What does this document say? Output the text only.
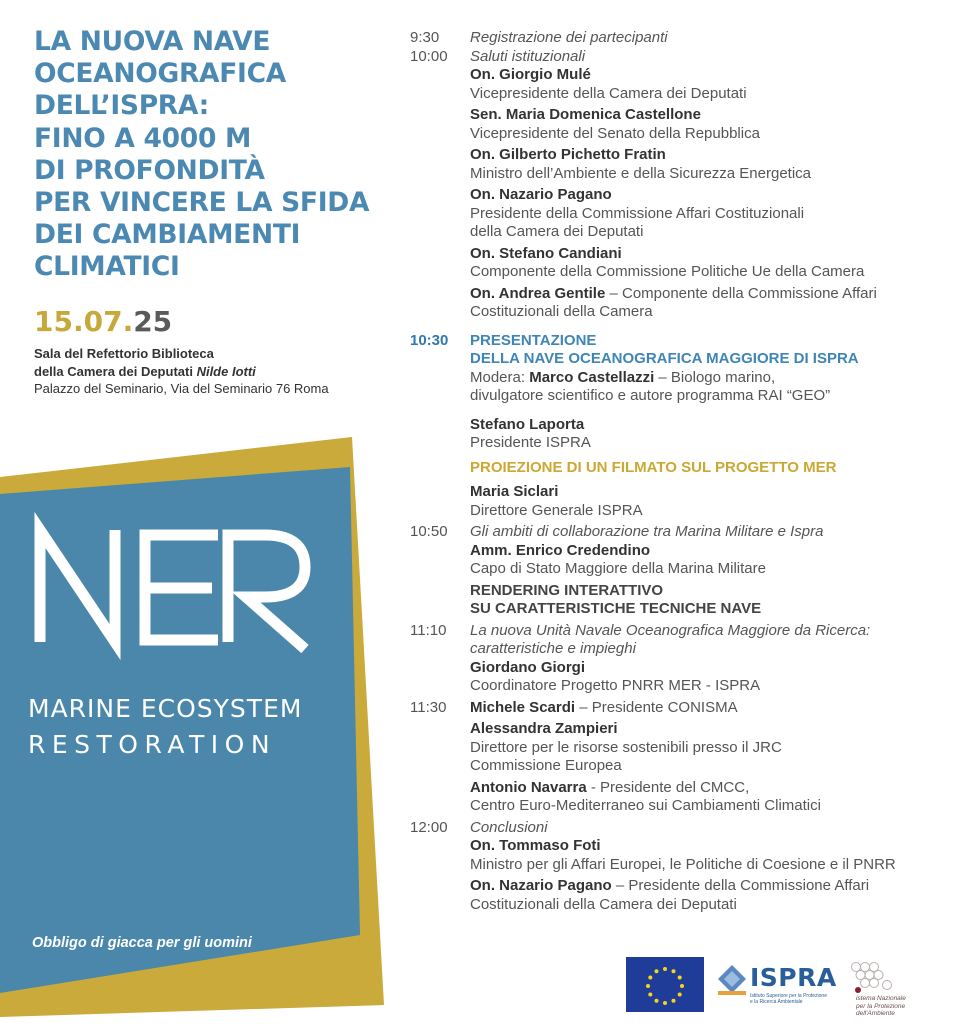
LA NUOVA NAVE
OCEANOGRAFICA
DELL’ISPRA:
FINO A 4000 M
DI PROFONDITÀ
PER VINCERE LA SFIDA
DEI CAMBIAMENTI
CLIMATICI
15.07.25
Sala del Refettorio Biblioteca
della Camera dei Deputati Nilde Iotti
Palazzo del Seminario, Via del Seminario 76 Roma
MARINE ECOSYSTEM
RESTORATION
Obbligo di giacca per gli uomini
9:30	Registrazione dei partecipanti
10:00	Saluti istituzionali
On. Giorgio Mulé
Vicepresidente della Camera dei Deputati
Sen. Maria Domenica Castellone
Vicepresidente del Senato della Repubblica
On. Gilberto Pichetto Fratin
Ministro dell’Ambiente e della Sicurezza Energetica
On. Nazario Pagano
Presidente della Commissione Affari Costituzionali
della Camera dei Deputati
On. Stefano Candiani
Componente della Commissione Politiche Ue della Camera
On. Andrea Gentile – Componente della Commissione Affari
Costituzionali della Camera
10:30	PRESENTAZIONE
DELLA NAVE OCEANOGRAFICA MAGGIORE DI ISPRA
Modera: Marco Castellazzi – Biologo marino,
divulgatore scientifico e autore programma RAI “GEO”
Stefano Laporta
Presidente ISPRA
PROIEZIONE DI UN FILMATO SUL PROGETTO MER
Maria Siclari
Direttore Generale ISPRA
10:50	Gli ambiti di collaborazione tra Marina Militare e Ispra
Amm. Enrico Credendino
Capo di Stato Maggiore della Marina Militare
RENDERING INTERATTIVO
SU CARATTERISTICHE TECNICHE NAVE
11:10	La nuova Unità Navale Oceanografica Maggiore da Ricerca:
caratteristiche e impieghi
Giordano Giorgi
Coordinatore Progetto PNRR MER - ISPRA
11:30	Michele Scardi – Presidente CONISMA
Alessandra Zampieri
Direttore per le risorse sostenibili presso il JRC
Commissione Europea
Antonio Navarra - Presidente del CMCC,
Centro Euro-Mediterraneo sui Cambiamenti Climatici
12:00	Conclusioni
On. Tommaso Foti
Ministro per gli Affari Europei, le Politiche di Coesione e il PNRR
On. Nazario Pagano – Presidente della Commissione Affari
Costituzionali della Camera dei Deputati
ISPRA
Istituto Superiore per la Protezione
e la Ricerca Ambientale	istema Nazionale
per la Protezione
dell'Ambiente
